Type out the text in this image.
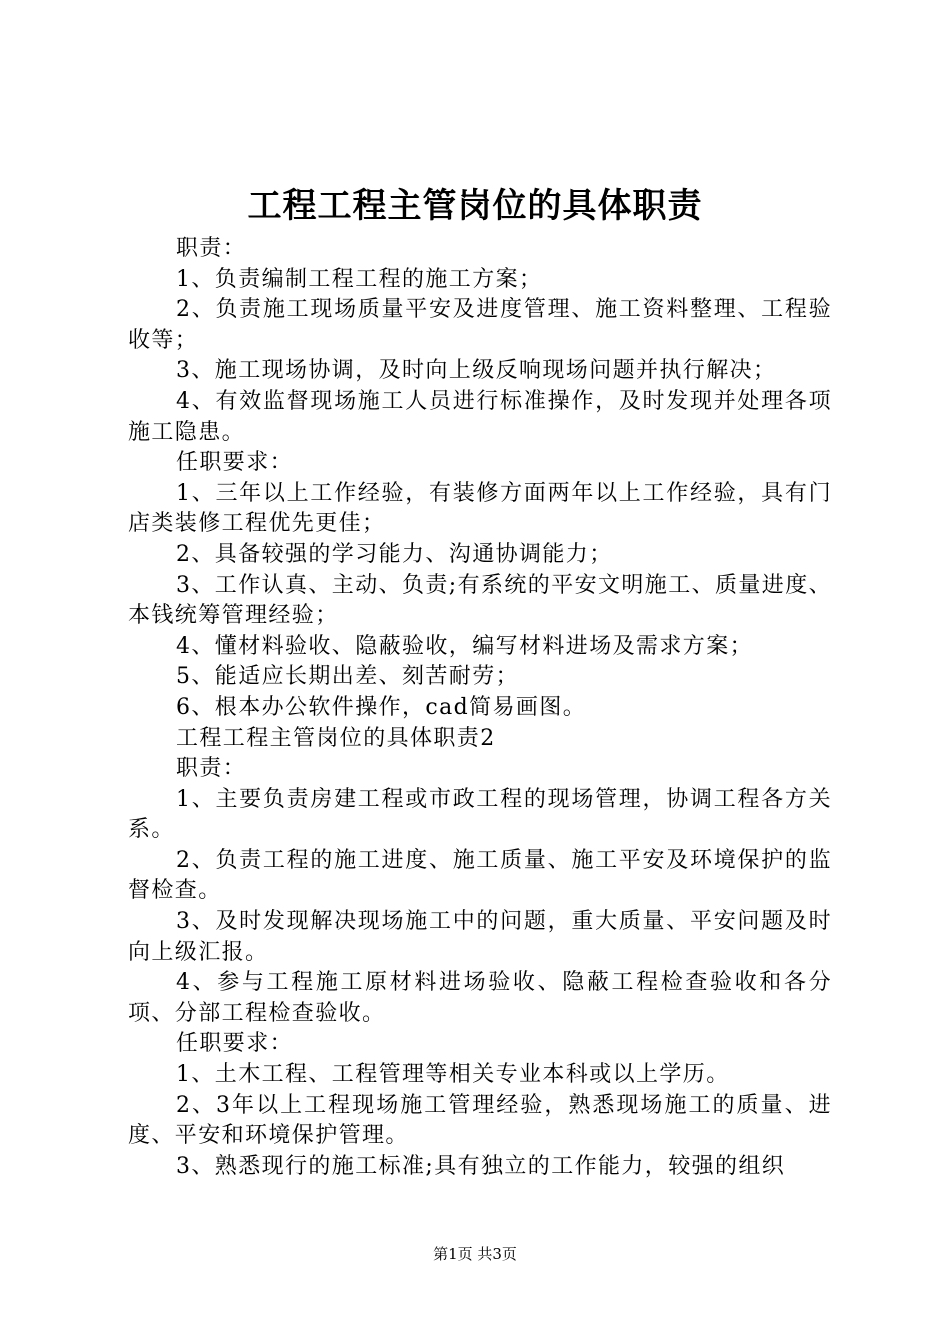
工程工程主管岗位的具体职责

职责：

1、负责编制工程工程的施工方案；

2、负责施工现场质量平安及进度管理、施工资料整理、工程验收等；

3、施工现场协调，及时向上级反响现场问题并执行解决；

4、有效监督现场施工人员进行标准操作，及时发现并处理各项施工隐患。

任职要求：

1、三年以上工作经验，有装修方面两年以上工作经验，具有门店类装修工程优先更佳；

2、具备较强的学习能力、沟通协调能力；

3、工作认真、主动、负责;有系统的平安文明施工、质量进度、本钱统筹管理经验；

4、懂材料验收、隐蔽验收，编写材料进场及需求方案；

5、能适应长期出差、刻苦耐劳；

6、根本办公软件操作，cad简易画图。

工程工程主管岗位的具体职责2

职责：

1、主要负责房建工程或市政工程的现场管理，协调工程各方关系。

2、负责工程的施工进度、施工质量、施工平安及环境保护的监督检查。

3、及时发现解决现场施工中的问题，重大质量、平安问题及时向上级汇报。

4、参与工程施工原材料进场验收、隐蔽工程检查验收和各分项、分部工程检查验收。

任职要求：

1、土木工程、工程管理等相关专业本科或以上学历。

2、3年以上工程现场施工管理经验，熟悉现场施工的质量、进度、平安和环境保护管理。

3、熟悉现行的施工标准;具有独立的工作能力，较强的组织

第1页 共3页
